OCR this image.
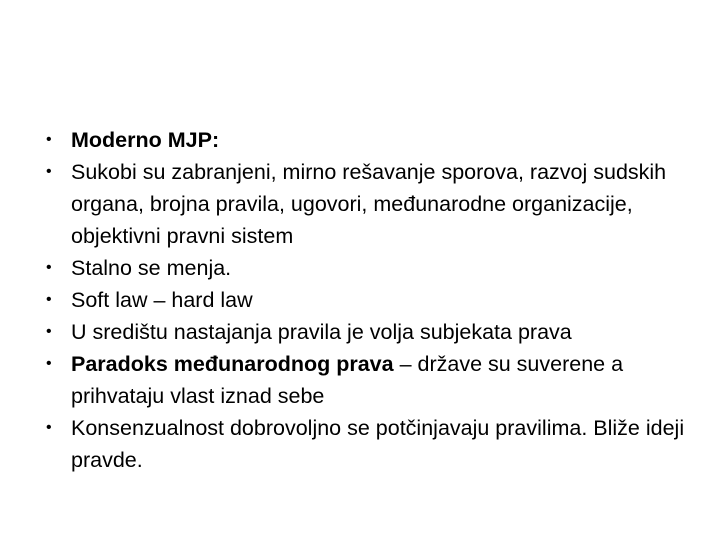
• Moderno MJP:
• Sukobi su zabranjeni, mirno rešavanje sporova, razvoj sudskih organa, brojna pravila, ugovori, međunarodne organizacije, objektivni pravni sistem
• Stalno se menja.
• Soft law – hard law
• U središtu nastajanja pravila je volja subjekata prava
• Paradoks međunarodnog prava – države su suverene a prihvataju vlast iznad sebe
• Konsenzualnost dobrovoljno se potčinjavaju pravilima. Bliže ideji pravde.
